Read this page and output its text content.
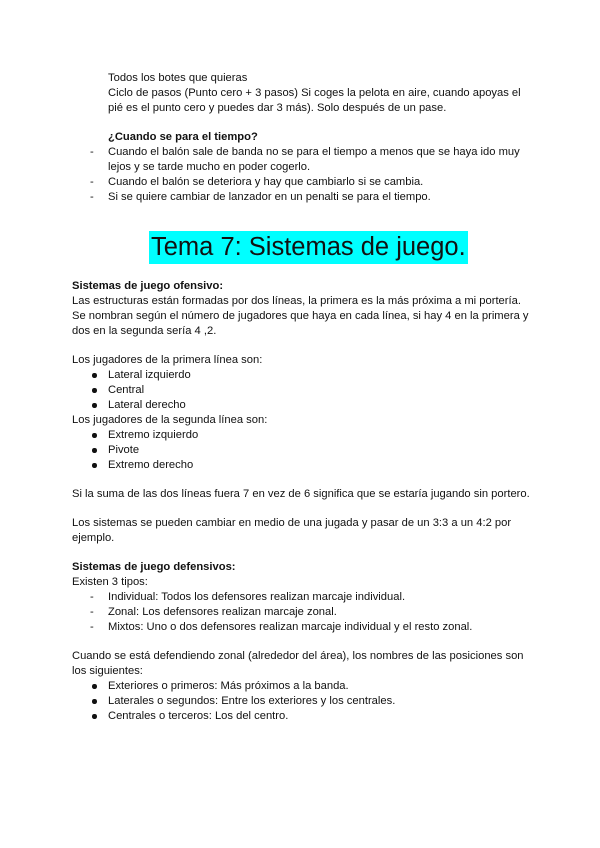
Todos los botes que quieras

Ciclo de pasos (Punto cero + 3 pasos) Si coges la pelota en aire, cuando apoyas el

pié es el punto cero y puedes dar 3 más). Solo después de un pase.

¿Cuando se para el tiempo?

- Cuando el balón sale de banda no se para el tiempo a menos que se haya ido muy

lejos y se tarde mucho en poder cogerlo.

- Cuando el balón se deteriora y hay que cambiarlo si se cambia.

- Si se quiere cambiar de lanzador en un penalti se para el tiempo.

Tema 7: Sistemas de juego.

Sistemas de juego ofensivo:

Las estructuras están formadas por dos líneas, la primera es la más próxima a mi portería.

Se nombran según el número de jugadores que haya en cada línea, si hay 4 en la primera y

dos en la segunda sería 4 ,2.

Los jugadores de la primera línea son:

Lateral izquierdo

Central

Lateral derecho

Los jugadores de la segunda línea son:

Extremo izquierdo

Pivote

Extremo derecho

Si la suma de las dos líneas fuera 7 en vez de 6 significa que se estaría jugando sin portero.

Los sistemas se pueden cambiar en medio de una jugada y pasar de un 3:3 a un 4:2 por

ejemplo.

Sistemas de juego defensivos:

Existen 3 tipos:

- Individual: Todos los defensores realizan marcaje individual.

- Zonal: Los defensores realizan marcaje zonal.

- Mixtos: Uno o dos defensores realizan marcaje individual y el resto zonal.

Cuando se está defendiendo zonal (alrededor del área), los nombres de las posiciones son

los siguientes:

Exteriores o primeros: Más próximos a la banda.

Laterales o segundos: Entre los exteriores y los centrales.

Centrales o terceros: Los del centro.
